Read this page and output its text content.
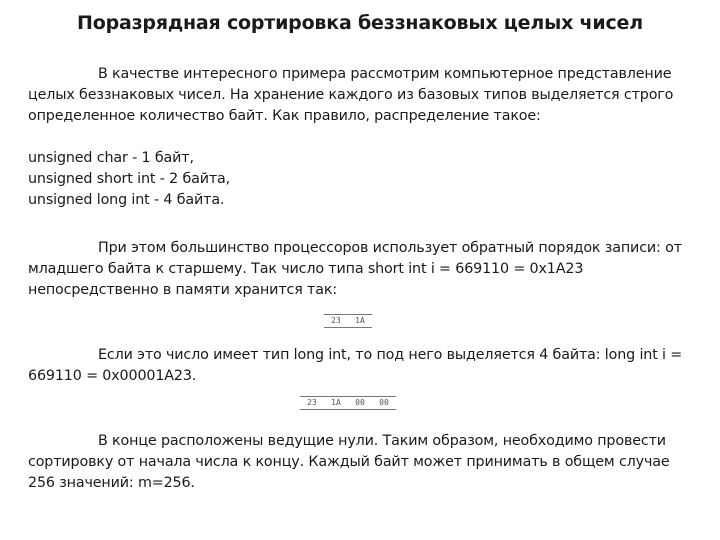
Поразрядная сортировка беззнаковых целых чисел
В качестве интересного примера рассмотрим компьютерное представление целых беззнаковых чисел. На хранение каждого из базовых типов выделяется строго определенное количество байт. Как правило, распределение такое:
unsigned char - 1 байт,
unsigned short int - 2 байта,
unsigned long int - 4 байта.
При этом большинство процессоров использует обратный порядок записи: от младшего байта к старшему. Так число типа short int i = 669110 = 0x1A23 непосредственно в памяти хранится так:
23	1A
Если это число имеет тип long int, то под него выделяется 4 байта: long int i = 669110 = 0x00001A23.
23	1A	00	00
В конце расположены ведущие нули. Таким образом, необходимо провести сортировку от начала числа к концу. Каждый байт может принимать в общем случае 256 значений: m=256.
